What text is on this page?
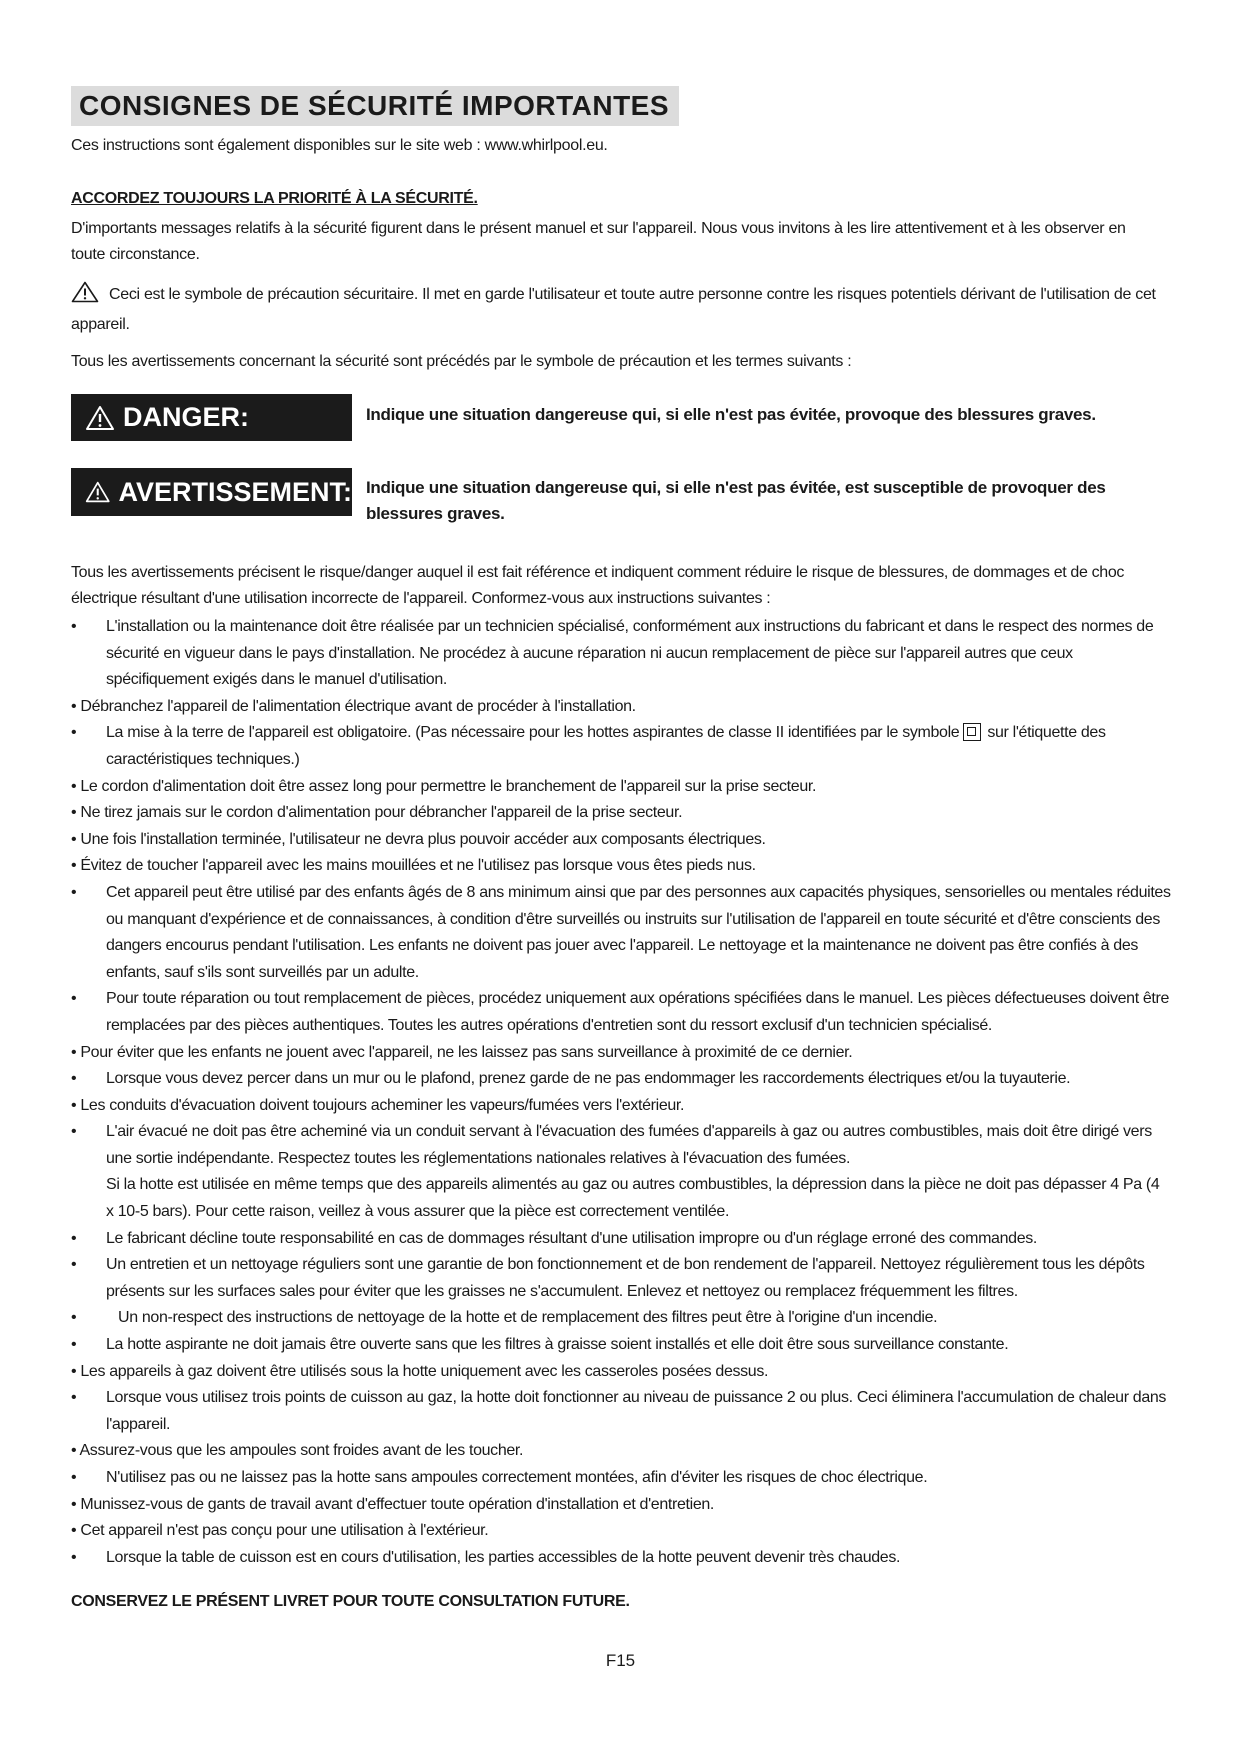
CONSIGNES DE SÉCURITÉ IMPORTANTES
Ces instructions sont également disponibles sur le site web : www.whirlpool.eu.
ACCORDEZ TOUJOURS LA PRIORITÉ À LA SÉCURITÉ.
D'importants messages relatifs à la sécurité figurent dans le présent manuel et sur l'appareil. Nous vous invitons à les lire attentivement et à les observer en toute circonstance.
Ceci est le symbole de précaution sécuritaire. Il met en garde l'utilisateur et toute autre personne contre les risques potentiels dérivant de l'utilisation de cet appareil.
Tous les avertissements concernant la sécurité sont précédés par le symbole de précaution et les termes suivants :
DANGER:	Indique une situation dangereuse qui, si elle n'est pas évitée, provoque des blessures graves.
AVERTISSEMENT: Indique une situation dangereuse qui, si elle n'est pas évitée, est susceptible de provoquer des blessures graves.
Tous les avertissements précisent le risque/danger auquel il est fait référence et indiquent comment réduire le risque de blessures, de dommages et de choc électrique résultant d'une utilisation incorrecte de l'appareil. Conformez-vous aux instructions suivantes :
• L'installation ou la maintenance doit être réalisée par un technicien spécialisé, conformément aux instructions du fabricant et dans le respect des normes de sécurité en vigueur dans le pays d'installation. Ne procédez à aucune réparation ni aucun remplacement de pièce sur l'appareil autres que ceux spécifiquement exigés dans le manuel d'utilisation.
• Débranchez l'appareil de l'alimentation électrique avant de procéder à l'installation.
• La mise à la terre de l'appareil est obligatoire. (Pas nécessaire pour les hottes aspirantes de classe II identifiées par le symbole sur l'étiquette des caractéristiques techniques.)
• Le cordon d'alimentation doit être assez long pour permettre le branchement de l'appareil sur la prise secteur.
• Ne tirez jamais sur le cordon d'alimentation pour débrancher l'appareil de la prise secteur.
• Une fois l'installation terminée, l'utilisateur ne devra plus pouvoir accéder aux composants électriques.
• Évitez de toucher l'appareil avec les mains mouillées et ne l'utilisez pas lorsque vous êtes pieds nus.
• Cet appareil peut être utilisé par des enfants âgés de 8 ans minimum ainsi que par des personnes aux capacités physiques, sensorielles ou mentales réduites ou manquant d'expérience et de connaissances, à condition d'être surveillés ou instruits sur l'utilisation de l'appareil en toute sécurité et d'être conscients des dangers encourus pendant l'utilisation. Les enfants ne doivent pas jouer avec l'appareil. Le nettoyage et la maintenance ne doivent pas être confiés à des enfants, sauf s'ils sont surveillés par un adulte.
• Pour toute réparation ou tout remplacement de pièces, procédez uniquement aux opérations spécifiées dans le manuel. Les pièces défectueuses doivent être remplacées par des pièces authentiques. Toutes les autres opérations d'entretien sont du ressort exclusif d'un technicien spécialisé.
• Pour éviter que les enfants ne jouent avec l'appareil, ne les laissez pas sans surveillance à proximité de ce dernier.
• Lorsque vous devez percer dans un mur ou le plafond, prenez garde de ne pas endommager les raccordements électriques et/ou la tuyauterie.
• Les conduits d'évacuation doivent toujours acheminer les vapeurs/fumées vers l'extérieur.
• L'air évacué ne doit pas être acheminé via un conduit servant à l'évacuation des fumées d'appareils à gaz ou autres combustibles, mais doit être dirigé vers une sortie indépendante. Respectez toutes les réglementations nationales relatives à l'évacuation des fumées.
Si la hotte est utilisée en même temps que des appareils alimentés au gaz ou autres combustibles, la dépression dans la pièce ne doit pas dépasser 4 Pa (4 x 10-5 bars). Pour cette raison, veillez à vous assurer que la pièce est correctement ventilée.
• Le fabricant décline toute responsabilité en cas de dommages résultant d'une utilisation impropre ou d'un réglage erroné des commandes.
• Un entretien et un nettoyage réguliers sont une garantie de bon fonctionnement et de bon rendement de l'appareil. Nettoyez régulièrement tous les dépôts présents sur les surfaces sales pour éviter que les graisses ne s'accumulent. Enlevez et nettoyez ou remplacez fréquemment les filtres.
• Un non-respect des instructions de nettoyage de la hotte et de remplacement des filtres peut être à l'origine d'un incendie.
• La hotte aspirante ne doit jamais être ouverte sans que les filtres à graisse soient installés et elle doit être sous surveillance constante.
• Les appareils à gaz doivent être utilisés sous la hotte uniquement avec les casseroles posées dessus.
• Lorsque vous utilisez trois points de cuisson au gaz, la hotte doit fonctionner au niveau de puissance 2 ou plus. Ceci éliminera l'accumulation de chaleur dans l'appareil.
• Assurez-vous que les ampoules sont froides avant de les toucher.
• N'utilisez pas ou ne laissez pas la hotte sans ampoules correctement montées, afin d'éviter les risques de choc électrique.
• Munissez-vous de gants de travail avant d'effectuer toute opération d'installation et d'entretien.
• Cet appareil n'est pas conçu pour une utilisation à l'extérieur.
• Lorsque la table de cuisson est en cours d'utilisation, les parties accessibles de la hotte peuvent devenir très chaudes.
CONSERVEZ LE PRÉSENT LIVRET POUR TOUTE CONSULTATION FUTURE.
F15
